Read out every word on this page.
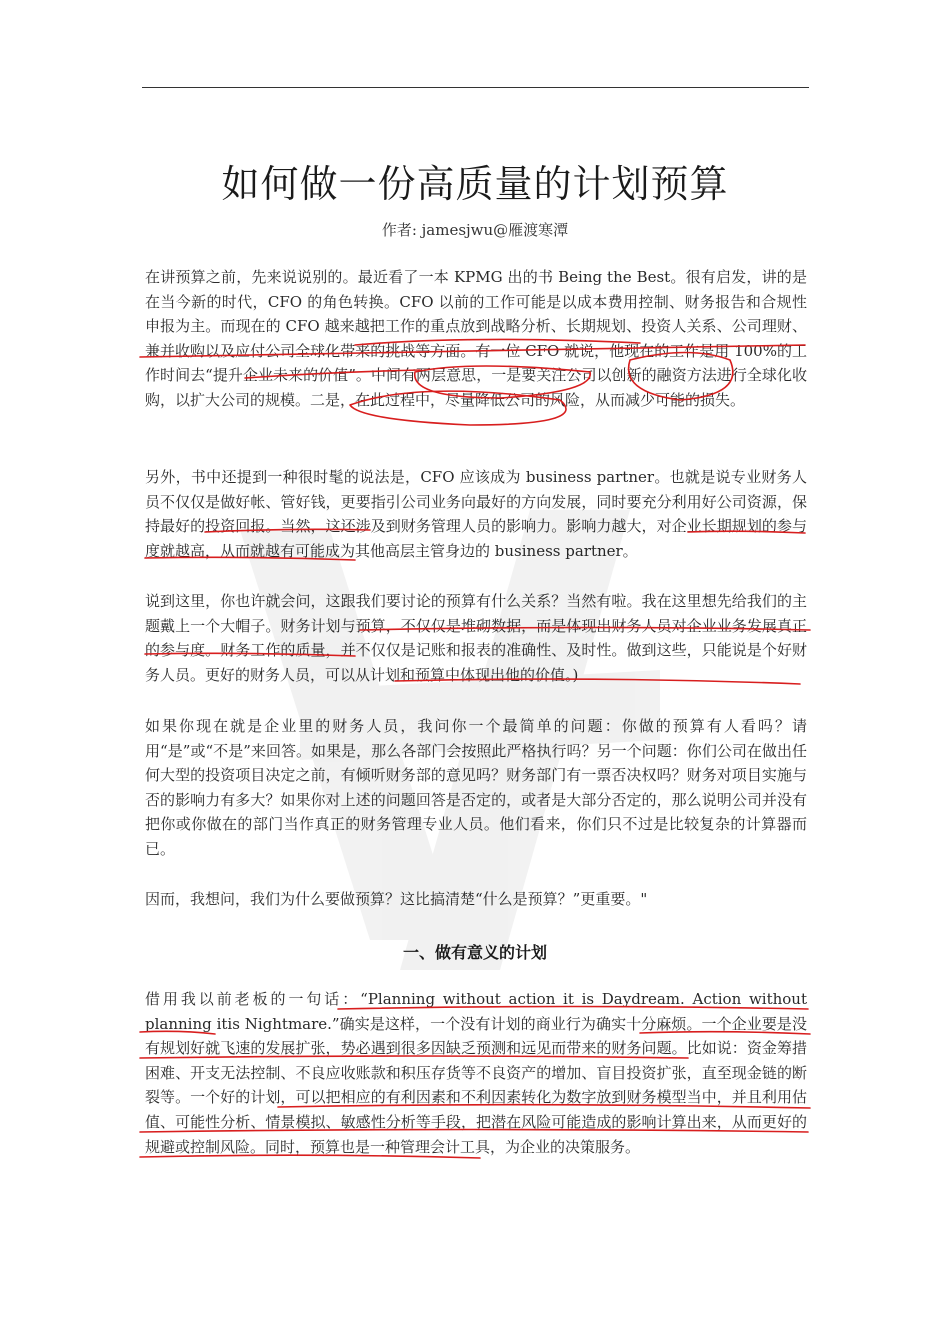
如何做一份高质量的计划预算
作者: jamesjwu@雁渡寒潭

在讲预算之前，先来说说别的。最近看了一本 KPMG 出的书 Being the Best。很有启发，讲的是在当今新的时代，CFO 的角色转换。CFO 以前的工作可能是以成本费用控制、财务报告和合规性申报为主。而现在的 CFO 越来越把工作的重点放到战略分析、长期规划、投资人关系、公司理财、兼并收购以及应付公司全球化带来的挑战等方面。有一位 CFO 就说，他现在的工作是用 100%的工作时间去“提升企业未来的价值”。中间有两层意思，一是要关注公司以创新的融资方法进行全球化收购，以扩大公司的规模。二是，在此过程中，尽量降低公司的风险，从而减少可能的损失。

另外，书中还提到一种很时髦的说法是，CFO 应该成为 business partner。也就是说专业财务人员不仅仅是做好帐、管好钱，更要指引公司业务向最好的方向发展，同时要充分利用好公司资源，保持最好的投资回报。当然，这还涉及到财务管理人员的影响力。影响力越大，对企业长期规划的参与度就越高，从而就越有可能成为其他高层主管身边的 business partner。

说到这里，你也许就会问，这跟我们要讨论的预算有什么关系？当然有啦。我在这里想先给我们的主题戴上一个大帽子。财务计划与预算，不仅仅是堆砌数据，而是体现出财务人员对企业业务发展真正的参与度。财务工作的质量，并不仅仅是记账和报表的准确性、及时性。做到这些，只能说是个好财务人员。更好的财务人员，可以从计划和预算中体现出他的价值。)

如果你现在就是企业里的财务人员，我问你一个最简单的问题：你做的预算有人看吗？请用“是”或“不是”来回答。如果是，那么各部门会按照此严格执行吗？另一个问题：你们公司在做出任何大型的投资项目决定之前，有倾听财务部的意见吗？财务部门有一票否决权吗？财务对项目实施与否的影响力有多大？如果你对上述的问题回答是否定的，或者是大部分否定的，那么说明公司并没有把你或你做在的部门当作真正的财务管理专业人员。他们看来，你们只不过是比较复杂的计算器而已。

因而，我想问，我们为什么要做预算？这比搞清楚“什么是预算？”更重要。"

一、做有意义的计划

借用我以前老板的一句话：“Planning without action it is Daydream. Action without planning itis Nightmare.”确实是这样，一个没有计划的商业行为确实十分麻烦。一个企业要是没有规划好就飞速的发展扩张，势必遇到很多因缺乏预测和远见而带来的财务问题。比如说：资金筹措困难、开支无法控制、不良应收账款和积压存货等不良资产的增加、盲目投资扩张，直至现金链的断裂等。一个好的计划，可以把相应的有利因素和不利因素转化为数字放到财务模型当中，并且利用估值、可能性分析、情景模拟、敏感性分析等手段，把潜在风险可能造成的影响计算出来，从而更好的规避或控制风险。同时，预算也是一种管理会计工具，为企业的决策服务。
